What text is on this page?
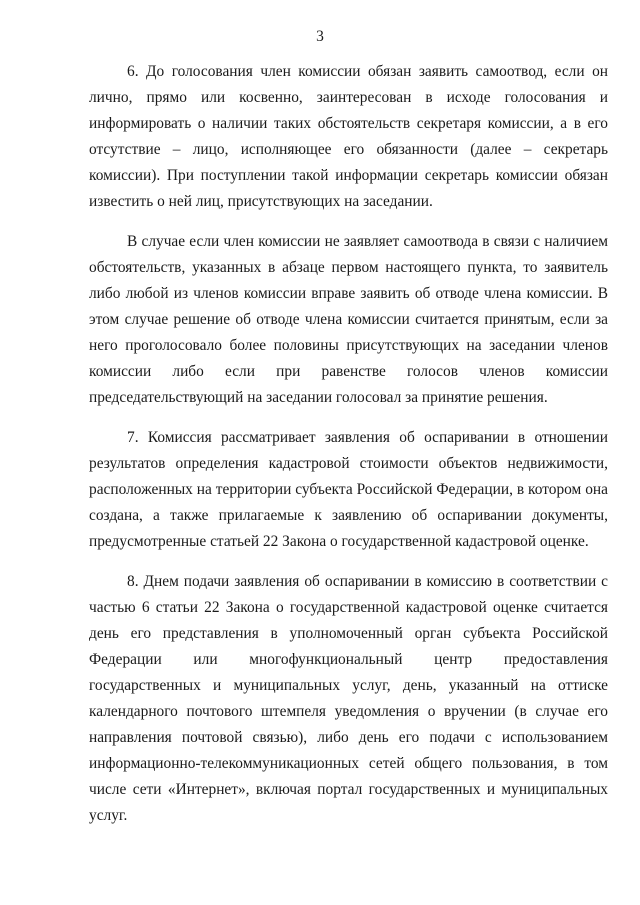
3

6. До голосования член комиссии обязан заявить самоотвод, если он лично, прямо или косвенно, заинтересован в исходе голосования и информировать о наличии таких обстоятельств секретаря комиссии, а в его отсутствие – лицо, исполняющее его обязанности (далее – секретарь комиссии). При поступлении такой информации секретарь комиссии обязан известить о ней лиц, присутствующих на заседании.

В случае если член комиссии не заявляет самоотвода в связи с наличием обстоятельств, указанных в абзаце первом настоящего пункта, то заявитель либо любой из членов комиссии вправе заявить об отводе члена комиссии. В этом случае решение об отводе члена комиссии считается принятым, если за него проголосовало более половины присутствующих на заседании членов комиссии либо если при равенстве голосов членов комиссии председательствующий на заседании голосовал за принятие решения.

7. Комиссия рассматривает заявления об оспаривании в отношении результатов определения кадастровой стоимости объектов недвижимости, расположенных на территории субъекта Российской Федерации, в котором она создана, а также прилагаемые к заявлению об оспаривании документы, предусмотренные статьей 22 Закона о государственной кадастровой оценке.

8. Днем подачи заявления об оспаривании в комиссию в соответствии с частью 6 статьи 22 Закона о государственной кадастровой оценке считается день его представления в уполномоченный орган субъекта Российской Федерации или многофункциональный центр предоставления государственных и муниципальных услуг, день, указанный на оттиске календарного почтового штемпеля уведомления о вручении (в случае его направления почтовой связью), либо день его подачи с использованием информационно-телекоммуникационных сетей общего пользования, в том числе сети «Интернет», включая портал государственных и муниципальных услуг.
